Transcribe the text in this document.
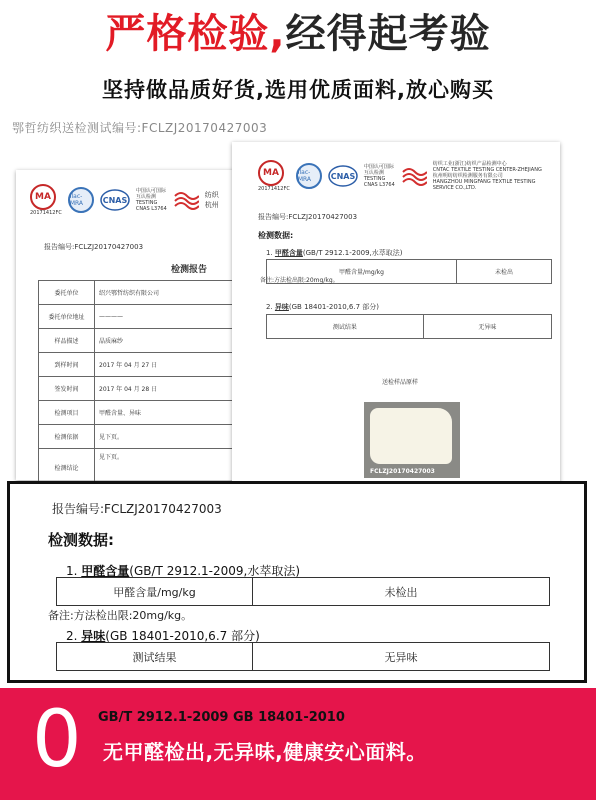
严格检验,经得起考验
坚持做品质好货,选用优质面料,放心购买
鄂哲纺织送检测试编号:FCLZJ20170427003
MA
20171412FC
ilac-MRA	CNAS
中国认可国际
互认检测
TESTING
CNAS L3764
纺织
杭州
报告编号:FCLZJ20170427003
检测报告
委托单位	绍兴鄂哲纺织有限公司
委托单位地址	————
样品描述	晶质麻纱
到样时间	2017 年 04 月 27 日
签发时间	2017 年 04 月 28 日
检测项目	甲醛含量、异味
检测依据	见下页。
检测结论	见下页。
MA
20171412FC
ilac-MRA	CNAS
中国认可国际
互认检测
TESTING
CNAS L3764
纺织工业(浙江)纺织产品检测中心
CNTAC TEXTILE TESTING CENTER-ZHEJIANG
杭州明纺纺织检测服务有限公司
HANGZHOU MINGFANG TEXTILE TESTING SERVICE CO.,LTD.
报告编号:FCLZJ20170427003
检测数据:
1. 甲醛含量(GB/T 2912.1-2009,水萃取法)
甲醛含量/mg/kg	未检出
备注:方法检出限:20mg/kg。
2. 异味(GB 18401-2010,6.7 部分)
测试结果	无异味
送检样品原样
FCLZJ20170427003
报告编号:FCLZJ20170427003
检测数据:
1. 甲醛含量(GB/T 2912.1-2009,水萃取法)
甲醛含量/mg/kg	未检出
备注:方法检出限:20mg/kg。
2. 异味(GB 18401-2010,6.7 部分)
测试结果	无异味
0 GB/T 2912.1-2009 GB 18401-2010
无甲醛检出,无异味,健康安心面料。
